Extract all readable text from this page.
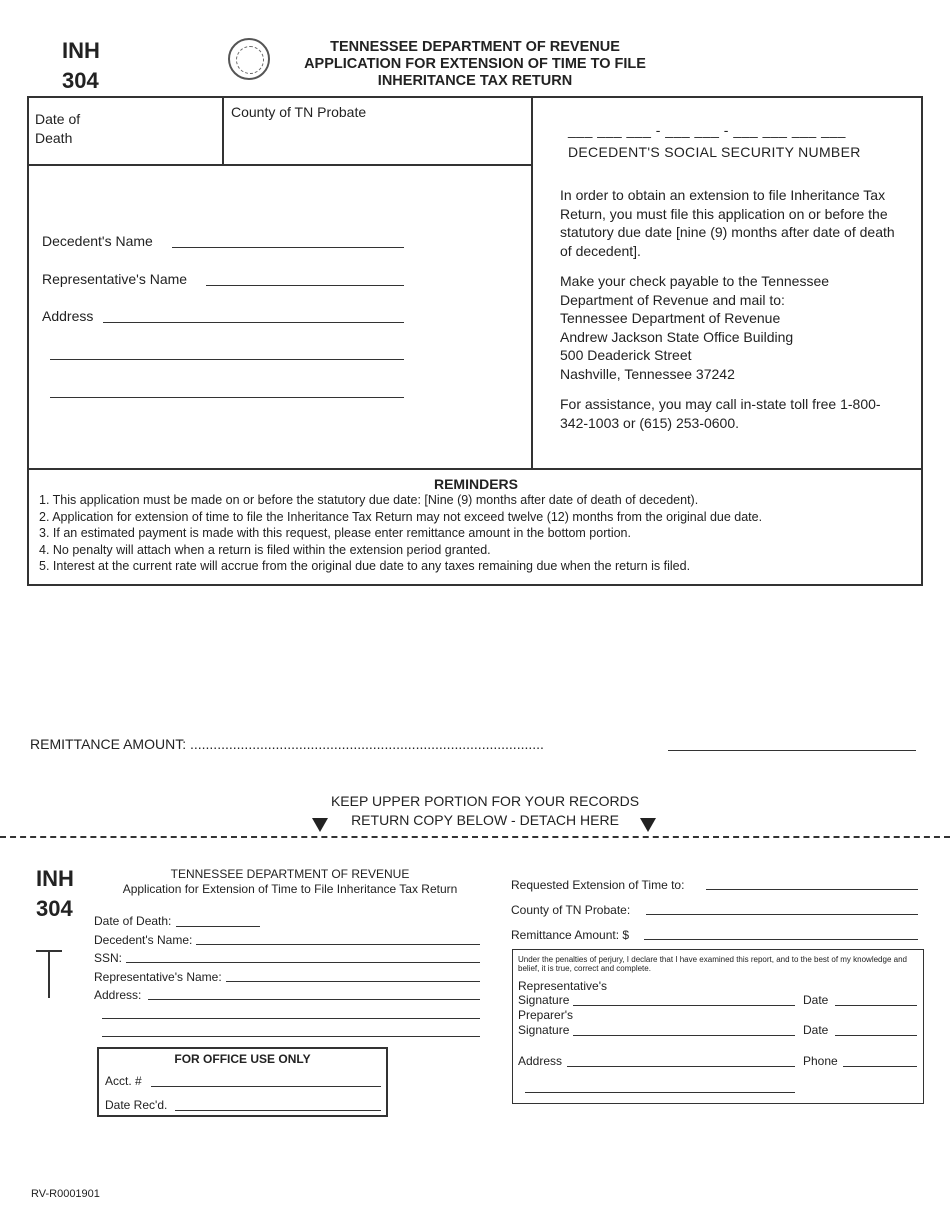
INH
304
TENNESSEE DEPARTMENT OF REVENUE
APPLICATION FOR EXTENSION OF TIME TO FILE
INHERITANCE TAX RETURN
Date of
Death
County of TN Probate
___ ___ ___ - ___ ___ - ___ ___ ___ ___
DECEDENT'S SOCIAL SECURITY NUMBER
Decedent's Name
Representative's Name
Address

In order to obtain an extension to file Inheritance Tax Return, you must file this application on or before the statutory due date [nine (9) months after date of death of decedent].

Make your check payable to the Tennessee Department of Revenue and mail to:
Tennessee Department of Revenue
Andrew Jackson State Office Building
500 Deaderick Street
Nashville, Tennessee 37242

For assistance, you may call in-state toll free 1-800-342-1003 or (615) 253-0600.

REMINDERS
1. This application must be made on or before the statutory due date: [Nine (9) months after date of death of decedent).
2. Application for extension of time to file the Inheritance Tax Return may not exceed twelve (12) months from the original due date.
3. If an estimated payment is made with this request, please enter remittance amount in the bottom portion.
4. No penalty will attach when a return is filed within the extension period granted.
5. Interest at the current rate will accrue from the original due date to any taxes remaining due when the return is filed.
REMITTANCE AMOUNT: ...........................................................................................
KEEP UPPER PORTION FOR YOUR RECORDS
RETURN COPY BELOW - DETACH HERE
INH
304
TENNESSEE DEPARTMENT OF REVENUE
Application for Extension of Time to File Inheritance Tax Return
Date of Death:
Decedent's Name:
SSN:
Representative's Name:
Address:
FOR OFFICE USE ONLY
Acct. #
Date Rec'd.
Requested Extension of Time to:
County of TN Probate:
Remittance Amount: $
Under the penalties of perjury, I declare that I have examined this report, and to the best of my knowledge and belief, it is true, correct and complete.
Representative's
Signature	Date
Preparer's
Signature	Date
Address	Phone
RV-R0001901
